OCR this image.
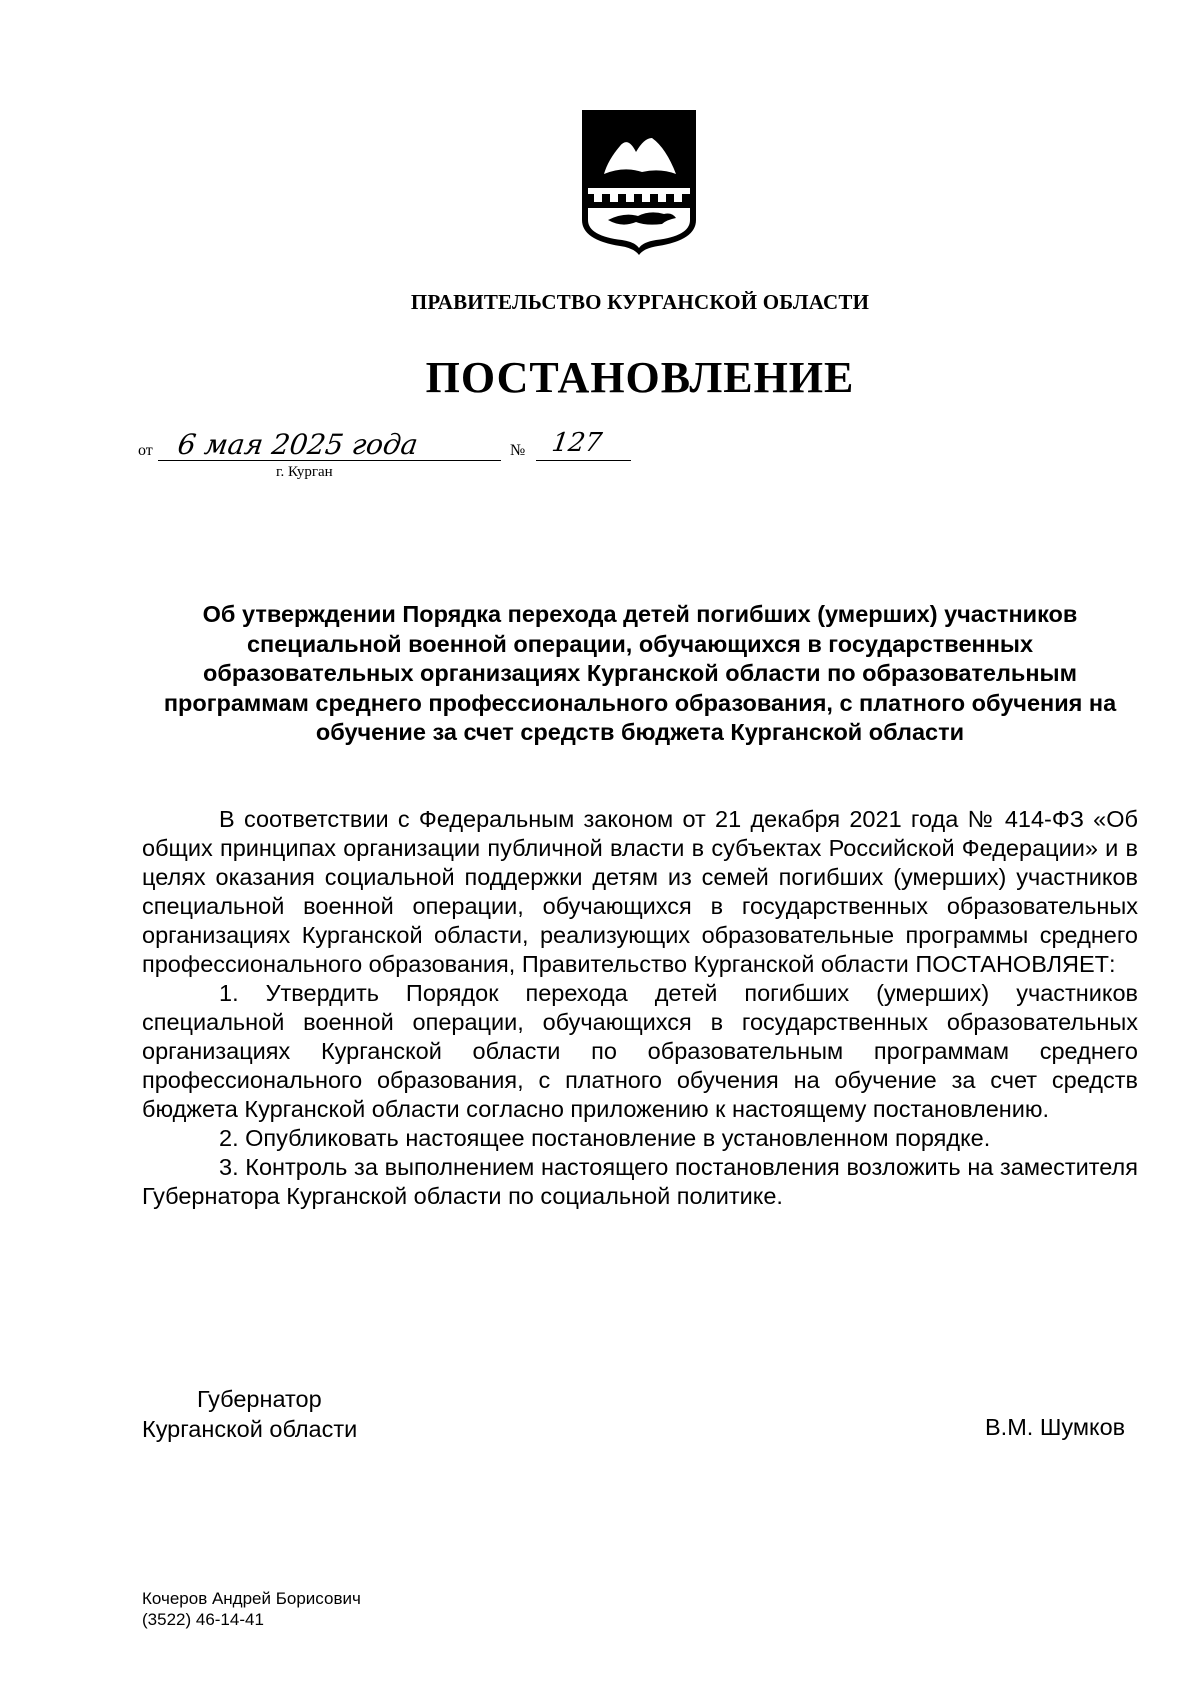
ПРАВИТЕЛЬСТВО КУРГАНСКОЙ ОБЛАСТИ
ПОСТАНОВЛЕНИЕ
от 6 мая 2025 года	№ 127
г. Курган
Об утверждении Порядка перехода детей погибших (умерших) участников специальной военной операции, обучающихся в государственных образовательных организациях Курганской области по образовательным программам среднего профессионального образования, с платного обучения на обучение за счет средств бюджета Курганской области

В соответствии с Федеральным законом от 21 декабря 2021 года № 414-ФЗ «Об общих принципах организации публичной власти в субъектах Российской Федерации» и в целях оказания социальной поддержки детям из семей погибших (умерших) участников специальной военной операции, обучающихся в государственных образовательных организациях Курганской области, реализующих образовательные программы среднего профессионального образования, Правительство Курганской области ПОСТАНОВЛЯЕТ:

1. Утвердить Порядок перехода детей погибших (умерших) участников специальной военной операции, обучающихся в государственных образовательных организациях Курганской области по образовательным программам среднего профессионального образования, с платного обучения на обучение за счет средств бюджета Курганской области согласно приложению к настоящему постановлению.

2. Опубликовать настоящее постановление в установленном порядке.

3. Контроль за выполнением настоящего постановления возложить на заместителя Губернатора Курганской области по социальной политике.

Губернатор
Курганской области	В.М. Шумков
Кочеров Андрей Борисович
(3522) 46-14-41
